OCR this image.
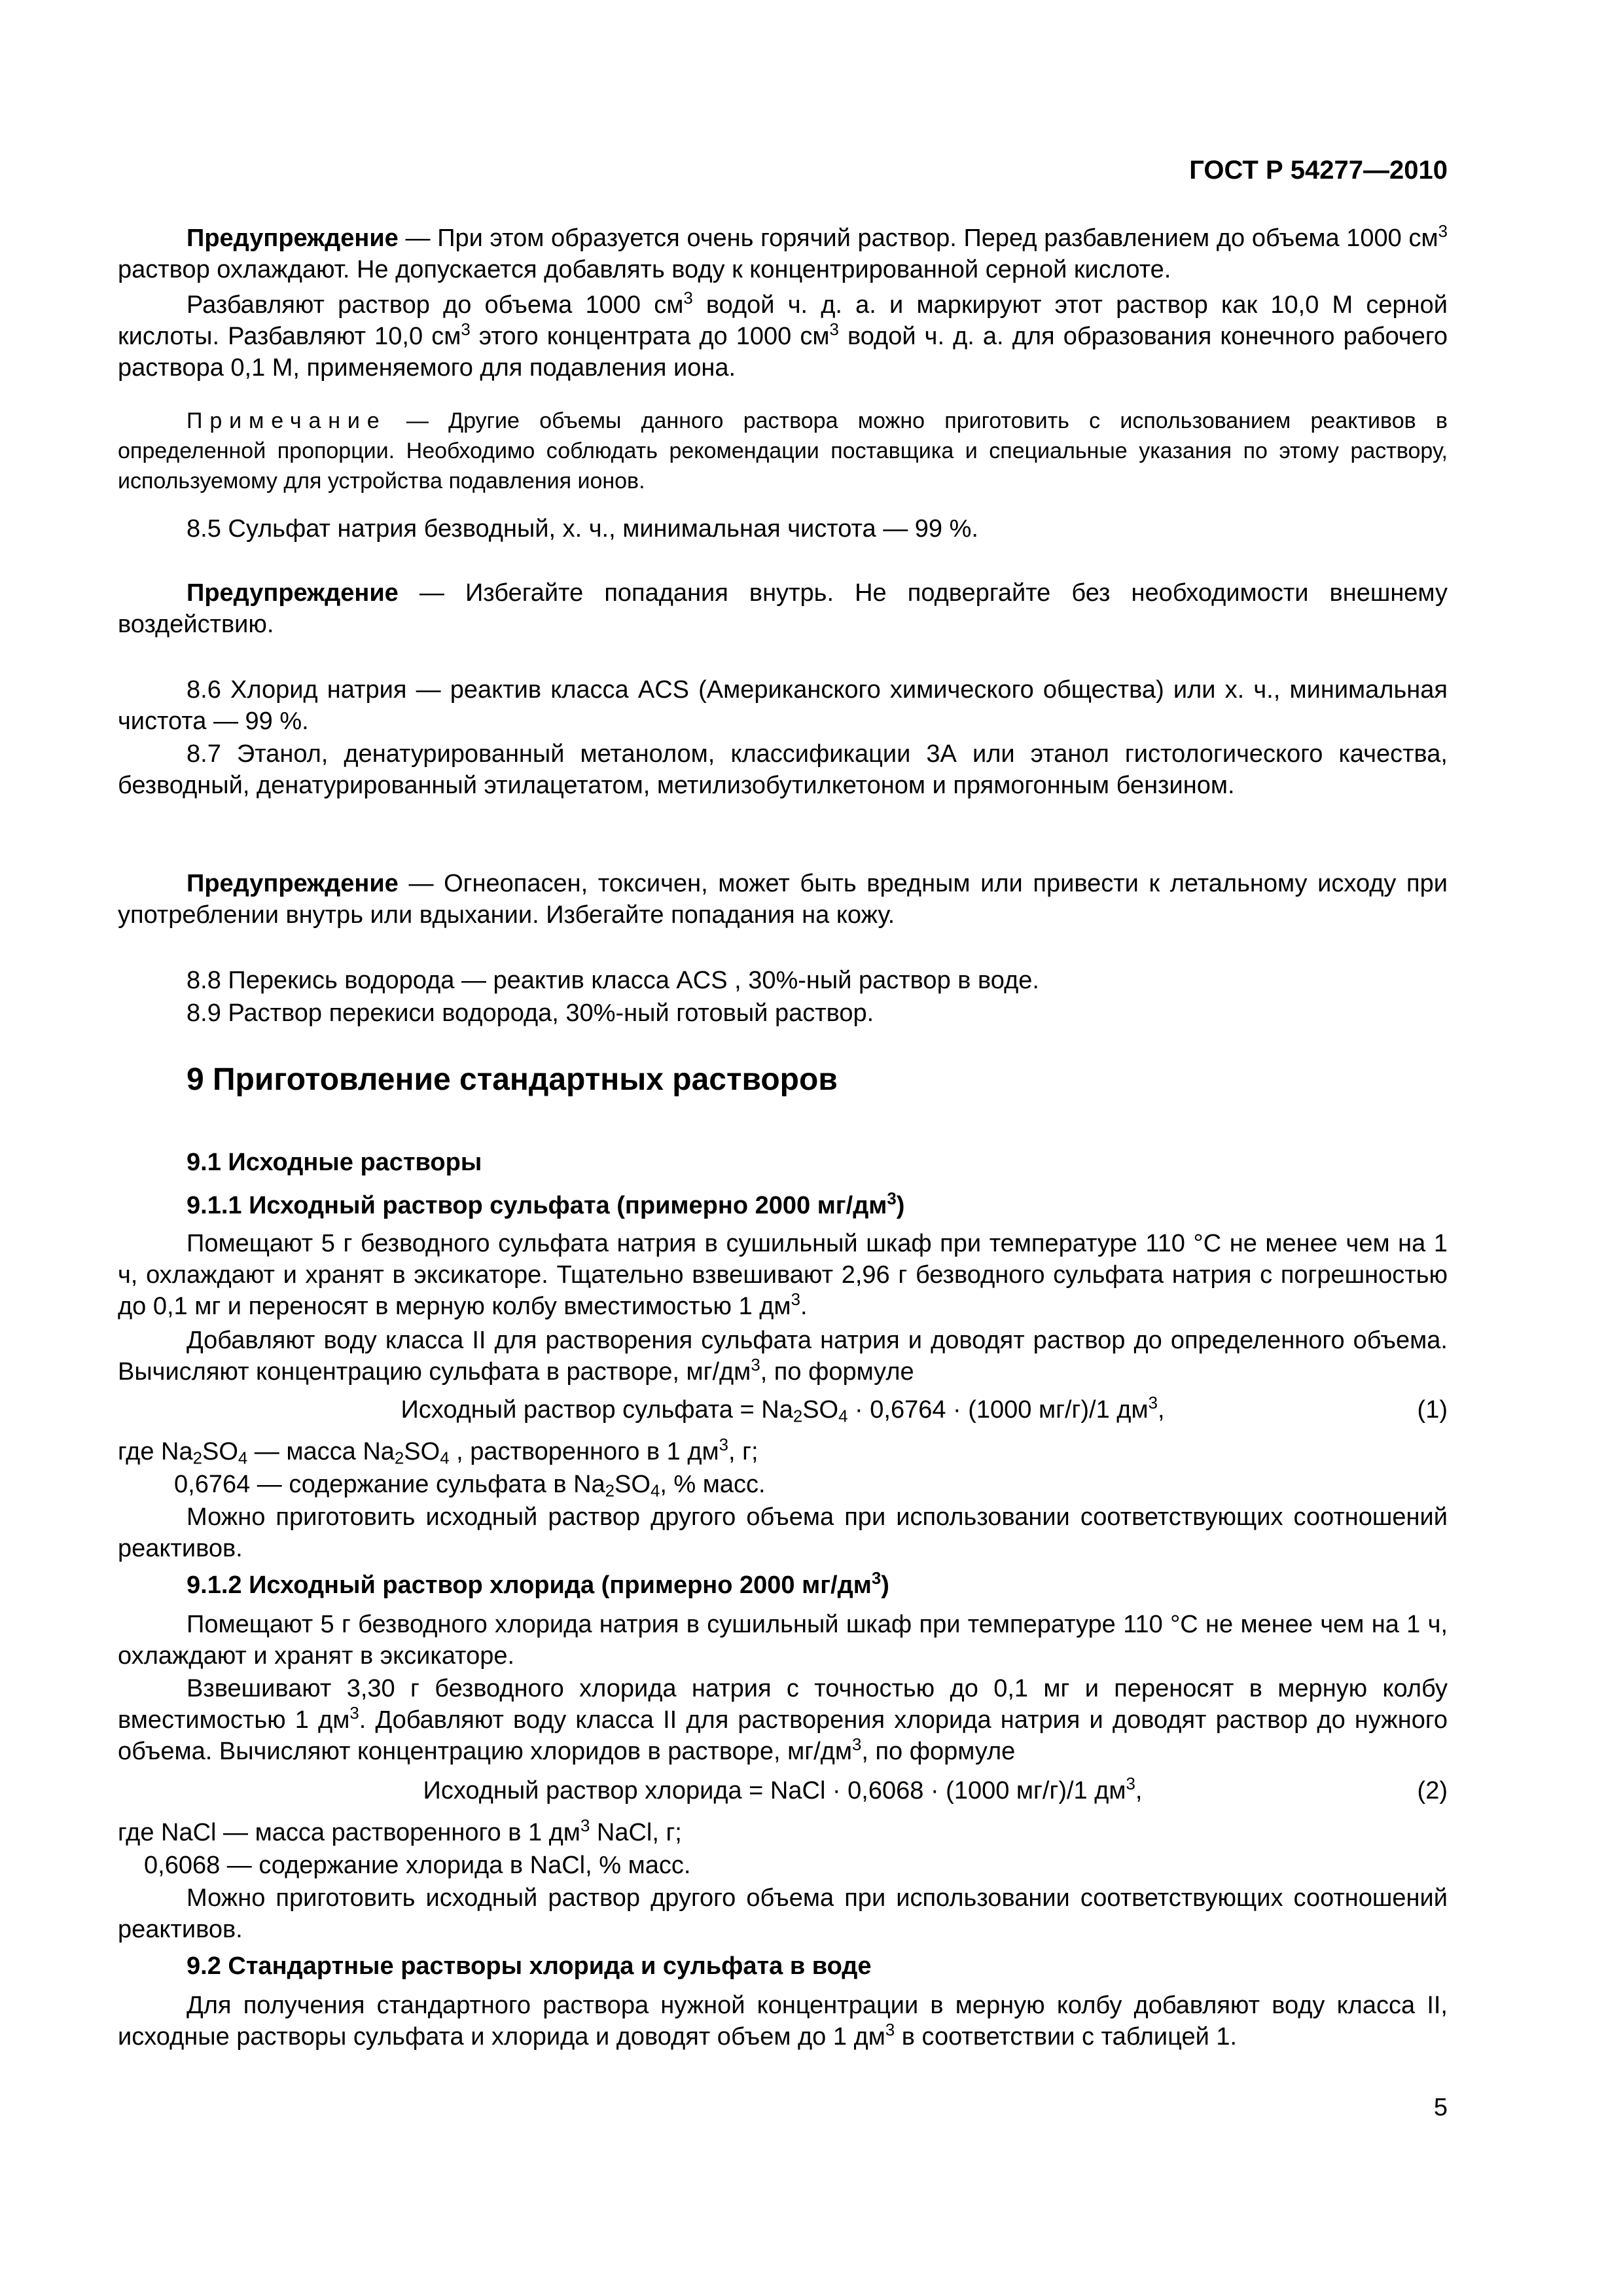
ГОСТ Р 54277—2010

Предупреждение — При этом образуется очень горячий раствор. Перед разбавлением до объема 1000 $см^3$ раствор охлаждают. Не допускается добавлять воду к концентрированной серной кислоте.

Разбавляют раствор до объема 1000 $см^3$ водой ч. д. а. и маркируют этот раствор как 10,0 М серной кислоты. Разбавляют 10,0 $см^3$ этого концентрата до 1000 $см^3$ водой ч. д. а. для образования конечного рабочего раствора 0,1 М, применяемого для подавления иона.

Примечание — Другие объемы данного раствора можно приготовить с использованием реактивов в определенной пропорции. Необходимо соблюдать рекомендации поставщика и специальные указания по этому раствору, используемому для устройства подавления ионов.

8.5 Сульфат натрия безводный, х. ч., минимальная чистота — 99 %.

Предупреждение — Избегайте попадания внутрь. Не подвергайте без необходимости внешнему воздействию.

8.6 Хлорид натрия — реактив класса ACS (Американского химического общества) или х. ч., минимальная чистота — 99 %.

8.7 Этанол, денатурированный метанолом, классификации 3А или этанол гистологического качества, безводный, денатурированный этилацетатом, метилизобутилкетоном и прямогонным бензином.

Предупреждение — Огнеопасен, токсичен, может быть вредным или привести к летальному исходу при употреблении внутрь или вдыхании. Избегайте попадания на кожу.

8.8 Перекись водорода — реактив класса ACS , 30%-ный раствор в воде.

8.9 Раствор перекиси водорода, 30%-ный готовый раствор.

9 Приготовление стандартных растворов
9.1 Исходные растворы
9.1.1 Исходный раствор сульфата (примерно 2000 $мг/дм^3$)

Помещают 5 г безводного сульфата натрия в сушильный шкаф при температуре 110 °С не менее чем на 1 ч, охлаждают и хранят в эксикаторе. Тщательно взвешивают 2,96 г безводного сульфата натрия с погрешностью до 0,1 мг и переносят в мерную колбу вместимостью 1 $дм^3$.

Добавляют воду класса II для растворения сульфата натрия и доводят раствор до определенного объема. Вычисляют концентрацию сульфата в растворе, $мг/дм^3$, по формуле

Исходный раствор сульфата = $Na_2SO_4 \cdot 0,6764 \cdot (1000$ мг/г)/1 $дм^3$,	(1)

где $Na_2SO_4$ — масса $Na_2SO_4$ , растворенного в 1 $дм^3$, г;

0,6764 — содержание сульфата в $Na_2SO_4$, % масс.

Можно приготовить исходный раствор другого объема при использовании соответствующих соотношений реактивов.

9.1.2 Исходный раствор хлорида (примерно 2000 $мг/дм^3$)

Помещают 5 г безводного хлорида натрия в сушильный шкаф при температуре 110 °С не менее чем на 1 ч, охлаждают и хранят в эксикаторе.

Взвешивают 3,30 г безводного хлорида натрия с точностью до 0,1 мг и переносят в мерную колбу вместимостью 1 $дм^3$. Добавляют воду класса II для растворения хлорида натрия и доводят раствор до нужного объема. Вычисляют концентрацию хлоридов в растворе, $мг/дм^3$, по формуле

Исходный раствор хлорида = NaCl · 0,6068 · (1000 мг/г)/1 $дм^3$,	(2)

где NaCl — масса растворенного в 1 $дм^3$ NaCl, г;

0,6068 — содержание хлорида в NaCl, % масс.

Можно приготовить исходный раствор другого объема при использовании соответствующих соотношений реактивов.

9.2 Стандартные растворы хлорида и сульфата в воде

Для получения стандартного раствора нужной концентрации в мерную колбу добавляют воду класса II, исходные растворы сульфата и хлорида и доводят объем до 1 $дм^3$ в соответствии с таблицей 1.

5
